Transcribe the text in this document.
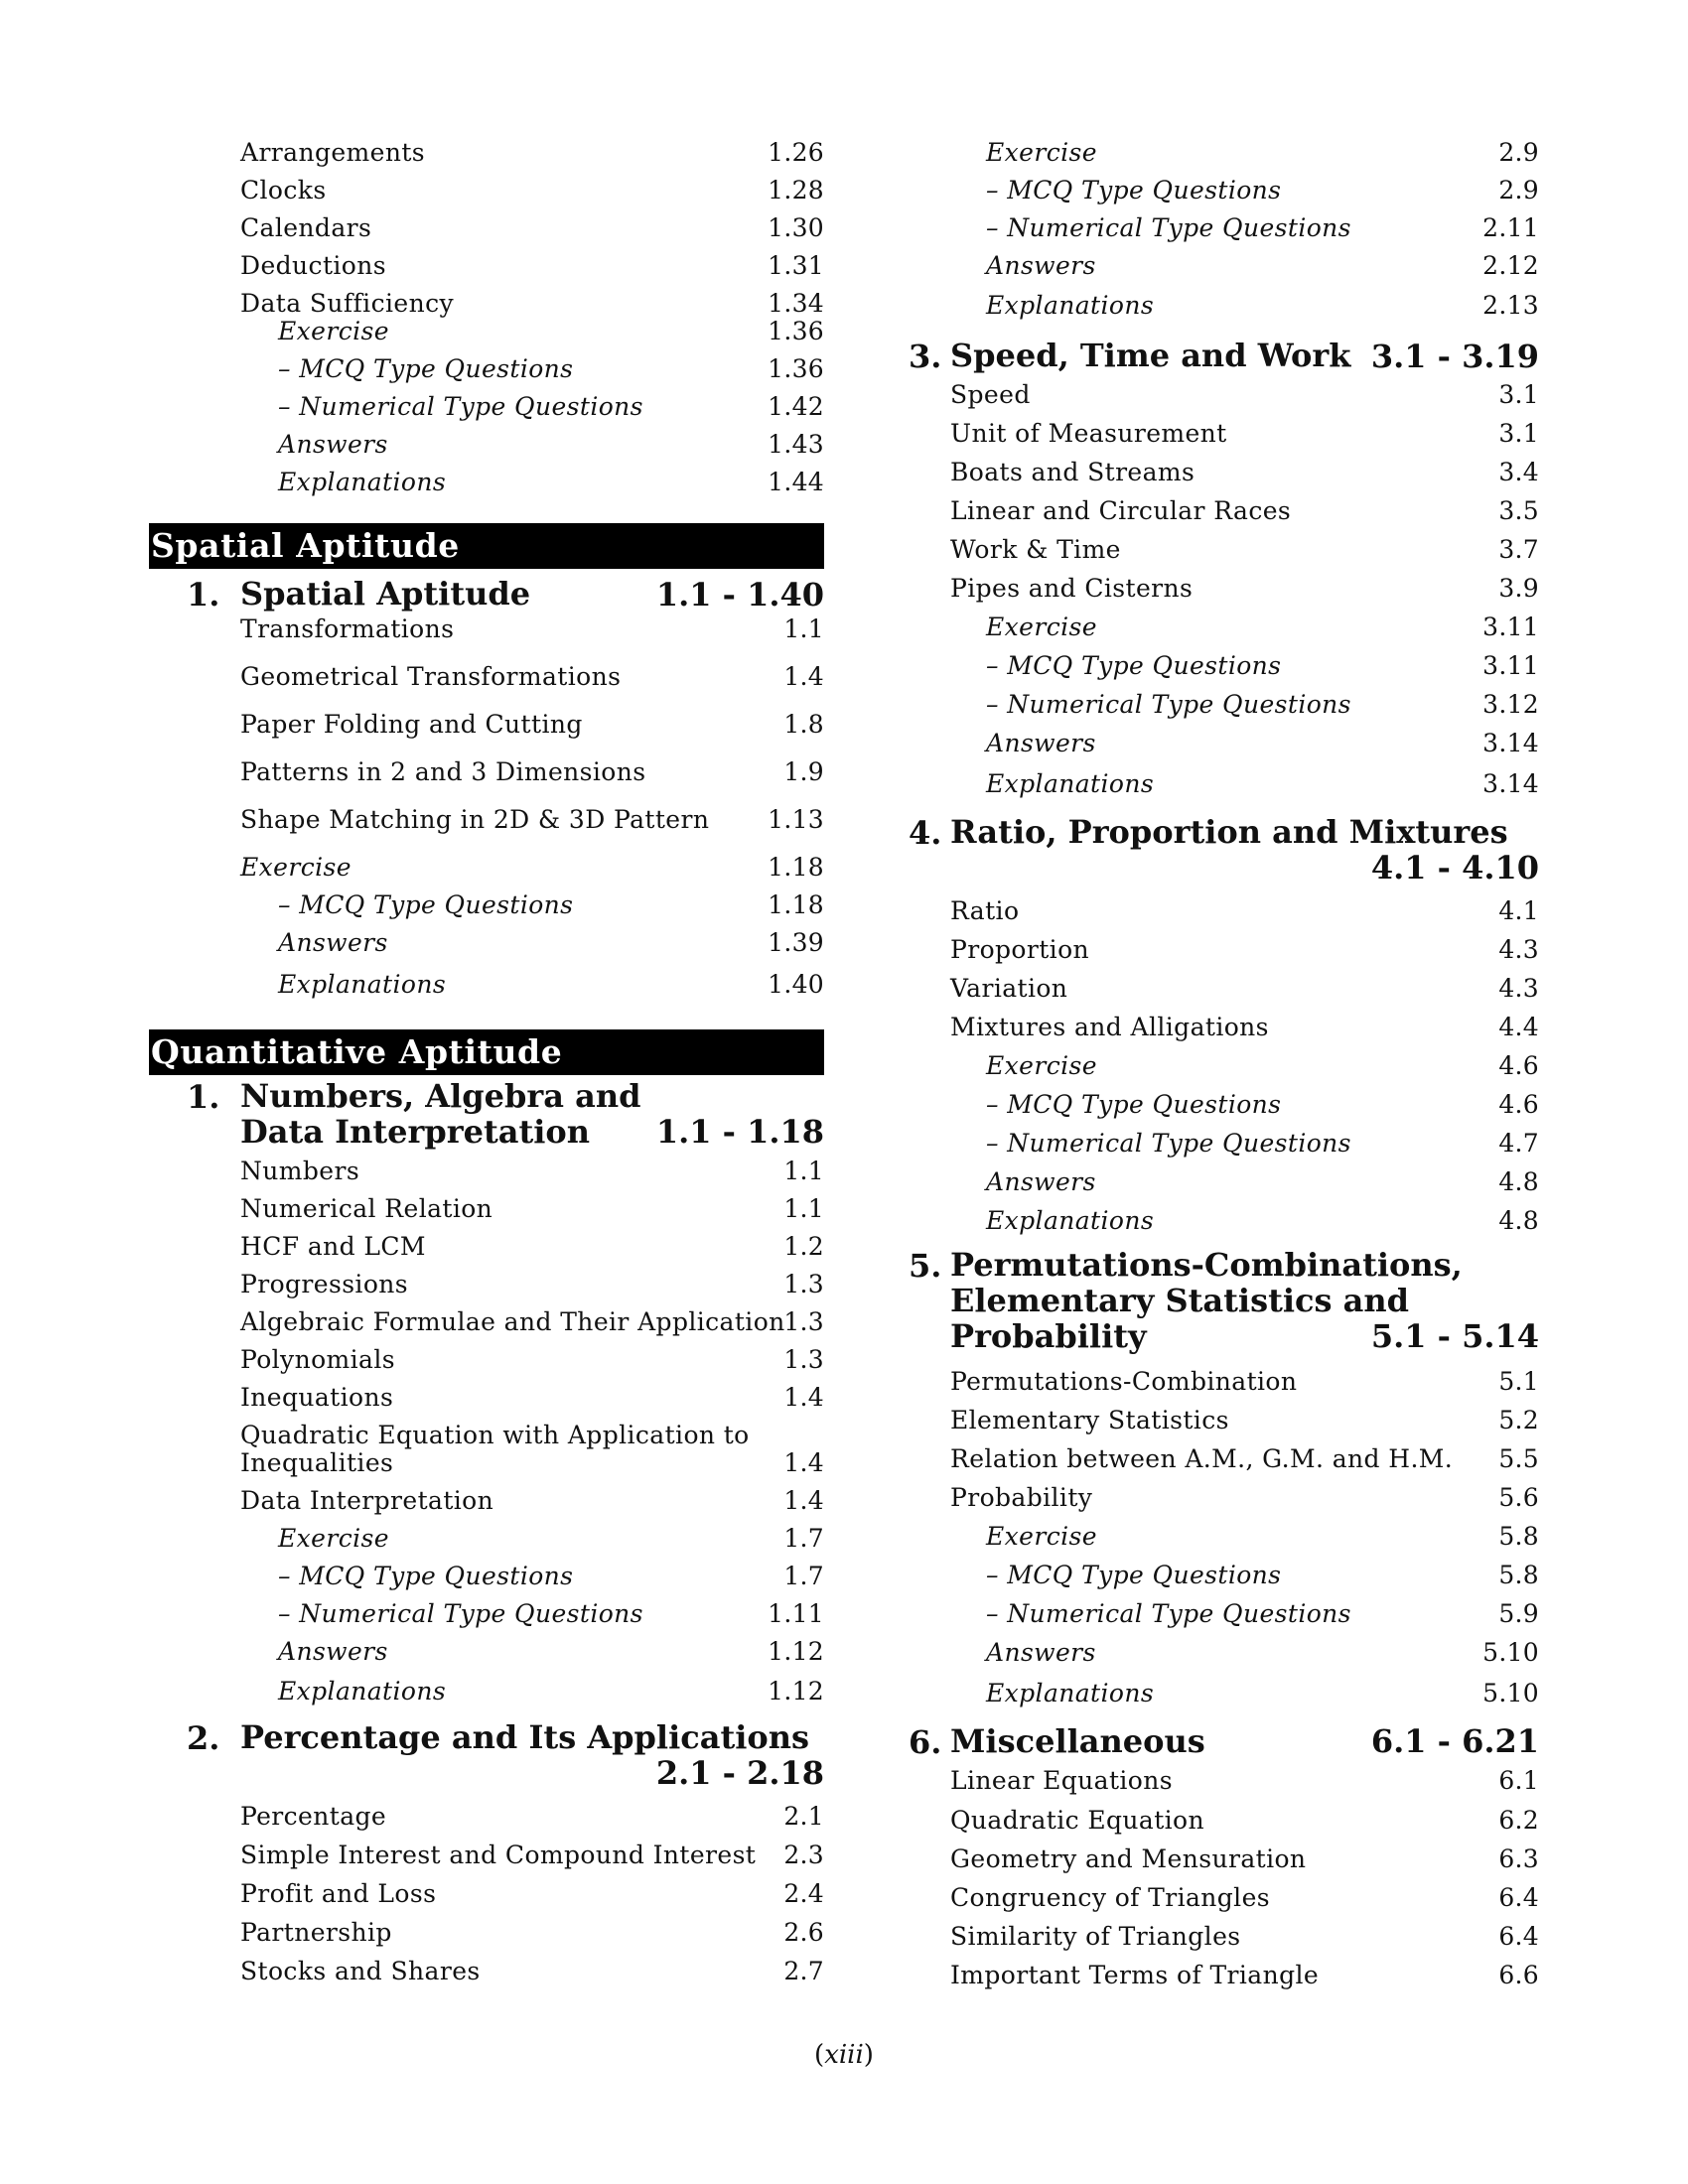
Arrangements	1.26
Clocks	1.28
Calendars	1.30
Deductions	1.31
Data Sufficiency	1.34
Exercise	1.36
– MCQ Type Questions	1.36
– Numerical Type Questions	1.42
Answers	1.43
Explanations	1.44
Spatial Aptitude
1. Spatial Aptitude	1.1 - 1.40
Transformations	1.1
Geometrical Transformations	1.4
Paper Folding and Cutting	1.8
Patterns in 2 and 3 Dimensions	1.9
Shape Matching in 2D & 3D Pattern 1.13
Exercise	1.18
– MCQ Type Questions	1.18
Answers	1.39
Explanations	1.40
Quantitative Aptitude
1. Numbers, Algebra and
Data Interpretation 1.1 - 1.18
Numbers	1.1
Numerical Relation	1.1
HCF and LCM	1.2
Progressions	1.3
Algebraic Formulae and Their Application
1.3
Polynomials	1.3
Inequations	1.4
Quadratic Equation with Application to
Inequalities	1.4
Data Interpretation	1.4
Exercise	1.7
– MCQ Type Questions	1.7
– Numerical Type Questions	1.11
Answers	1.12
Explanations	1.12
2. Percentage and Its Applications
2.1 - 2.18
Percentage	2.1
Simple Interest and Compound Interest 2.3
Profit and Loss	2.4
Partnership	2.6
Stocks and Shares	2.7
Exercise	2.9
– MCQ Type Questions	2.9
– Numerical Type Questions	2.11
Answers	2.12
Explanations	2.13
3. Speed, Time and Work 3.1 - 3.19
Speed	3.1
Unit of Measurement	3.1
Boats and Streams	3.4
Linear and Circular Races	3.5
Work & Time	3.7
Pipes and Cisterns	3.9
Exercise	3.11
– MCQ Type Questions	3.11
– Numerical Type Questions	3.12
Answers	3.14
Explanations	3.14
4. Ratio, Proportion and Mixtures
4.1 - 4.10
Ratio	4.1
Proportion	4.3
Variation	4.3
Mixtures and Alligations	4.4
Exercise	4.6
– MCQ Type Questions	4.6
– Numerical Type Questions	4.7
Answers	4.8
Explanations	4.8
5. Permutations-Combinations,
Elementary Statistics and
Probability	5.1 - 5.14
Permutations-Combination	5.1
Elementary Statistics	5.2
Relation between A.M., G.M. and H.M. 5.5
Probability	5.6
Exercise	5.8
– MCQ Type Questions	5.8
– Numerical Type Questions	5.9
Answers	5.10
Explanations	5.10
6. Miscellaneous	6.1 - 6.21
Linear Equations	6.1
Quadratic Equation	6.2
Geometry and Mensuration	6.3
Congruency of Triangles	6.4
Similarity of Triangles	6.4
Important Terms of Triangle	6.6
(xiii)
